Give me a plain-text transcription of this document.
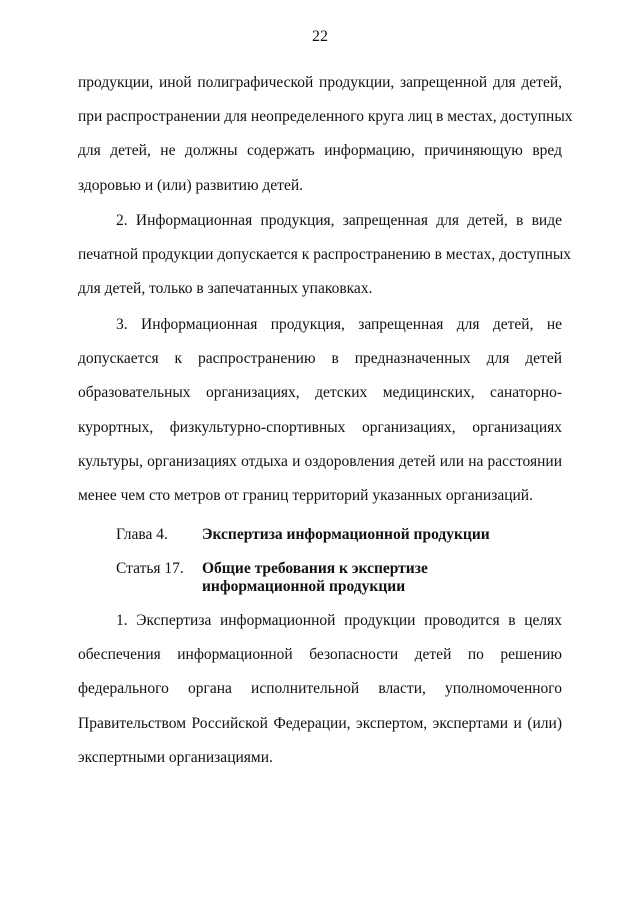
22
продукции, иной полиграфической продукции, запрещенной для детей,
при распространении для неопределенного круга лиц в местах, доступных
для детей, не должны содержать информацию, причиняющую вред
здоровью и (или) развитию детей.
2. Информационная продукция, запрещенная для детей, в виде
печатной продукции допускается к распространению в местах, доступных
для детей, только в запечатанных упаковках.
3. Информационная продукция, запрещенная для детей, не
допускается к распространению в предназначенных для детей
образовательных организациях, детских медицинских, санаторно-
курортных, физкультурно-спортивных организациях, организациях
культуры, организациях отдыха и оздоровления детей или на расстоянии
менее чем сто метров от границ территорий указанных организаций.
Глава 4. Экспертиза информационной продукции
Статья 17. Общие требования к экспертизе
информационной продукции
1. Экспертиза информационной продукции проводится в целях
обеспечения информационной безопасности детей по решению
федерального органа исполнительной власти, уполномоченного
Правительством Российской Федерации, экспертом, экспертами и (или)
экспертными организациями.
